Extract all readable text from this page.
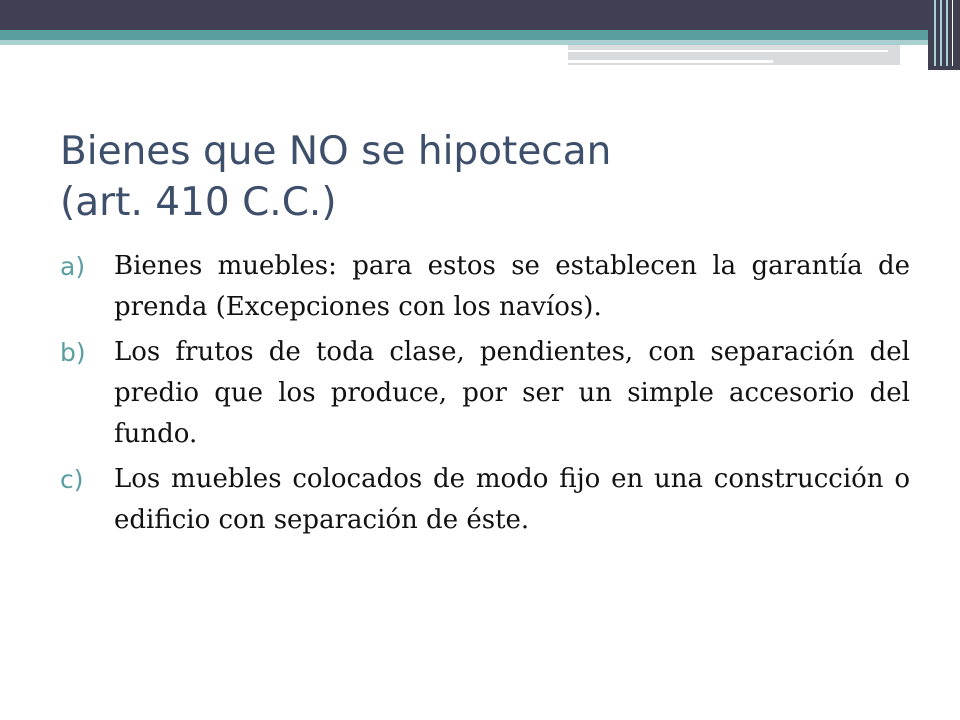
Bienes que NO se hipotecan
(art. 410 C.C.)
a)	Bienes muebles: para estos se establecen la garantía de prenda (Excepciones con los navíos).
b)	Los frutos de toda clase, pendientes, con separación del predio que los produce, por ser un simple accesorio del fundo.
c)	Los muebles colocados de modo fijo en una construcción o edificio con separación de éste.
